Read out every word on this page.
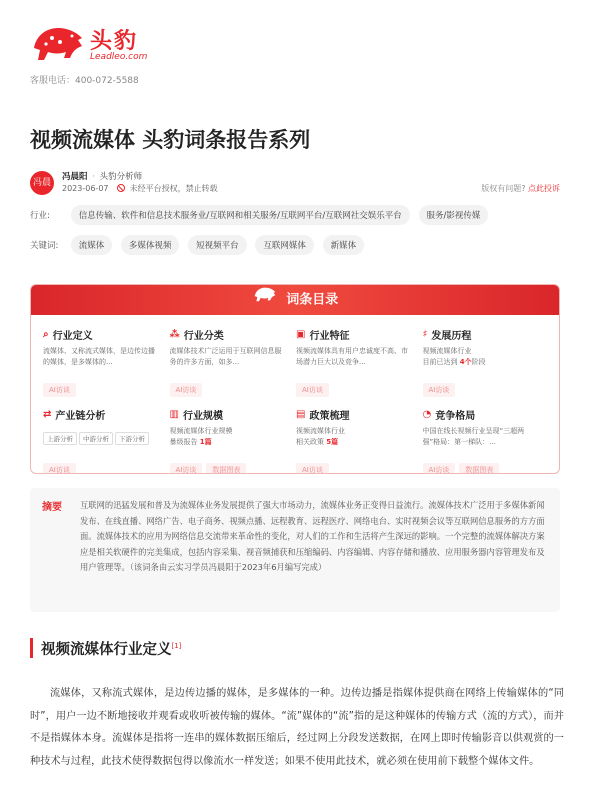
头豹
Leadleo.com
客服电话：400-072-5588
视频流媒体 头豹词条报告系列
冯晨
冯晨阳 · 头豹分析师
2023-06-07	未经平台授权，禁止转载	版权有问题? 点此投诉
行业:	信息传输、软件和信息技术服务业/互联网和相关服务/互联网平台/互联网社交娱乐平台	服务/影视传媒
关键词: 流媒体	多媒体视频	短视频平台	互联网媒体	新媒体
词条目录
⌕ 行业定义
流媒体、又称流式媒体，是边传边播的媒体，是多媒体的...
AI访谈
⁂ 行业分类
流媒体技术广泛运用于互联网信息服务的许多方面，如多...
AI访谈
▣ 行业特征
视频流媒体具有用户忠诚度不高、市场潜力巨大以及竞争...
AI访谈
♯ 发展历程
视频流媒体行业
目前已达到 4个阶段
AI访谈
⇄ 产业链分析
上游分析 中游分析 下游分析
AI访谈
▥ 行业规模
视频流媒体行业规模
暴级报告 1篇
AI访谈 数据图表
▤ 政策梳理
视频流媒体行业
相关政策 5篇
AI访谈
◔ 竞争格局
中国在线长视频行业呈现“三超两强”格局：第一梯队：...
AI访谈 数据图表
摘要 互联网的迅猛发展和普及为流媒体业务发展提供了强大市场动力，流媒体业务正变得日益流行。流媒体技术广泛用于多媒体新闻发布、在线直播、网络广告、电子商务、视频点播、远程教育、远程医疗、网络电台、实时视频会议等互联网信息服务的方方面面。流媒体技术的应用为网络信息交流带来革命性的变化，对人们的工作和生活将产生深远的影响。一个完整的流媒体解决方案应是相关软硬件的完美集成，包括内容采集、视音频捕获和压缩编码、内容编辑、内容存储和播放、应用服务器内容管理发布及用户管理等。（该词条由云实习学员冯晨阳于2023年6月编写完成）

视频流媒体行业定义[1]

流媒体，又称流式媒体，是边传边播的媒体，是多媒体的一种。边传边播是指媒体提供商在网络上传输媒体的“同时”，用户一边不断地接收并观看或收听被传输的媒体。“流”媒体的“流”指的是这种媒体的传输方式（流的方式），而并不是指媒体本身。流媒体是指将一连串的媒体数据压缩后，经过网上分段发送数据，在网上即时传输影音以供观赏的一种技术与过程，此技术使得数据包得以像流水一样发送；如果不使用此技术，就必须在使用前下载整个媒体文件。
